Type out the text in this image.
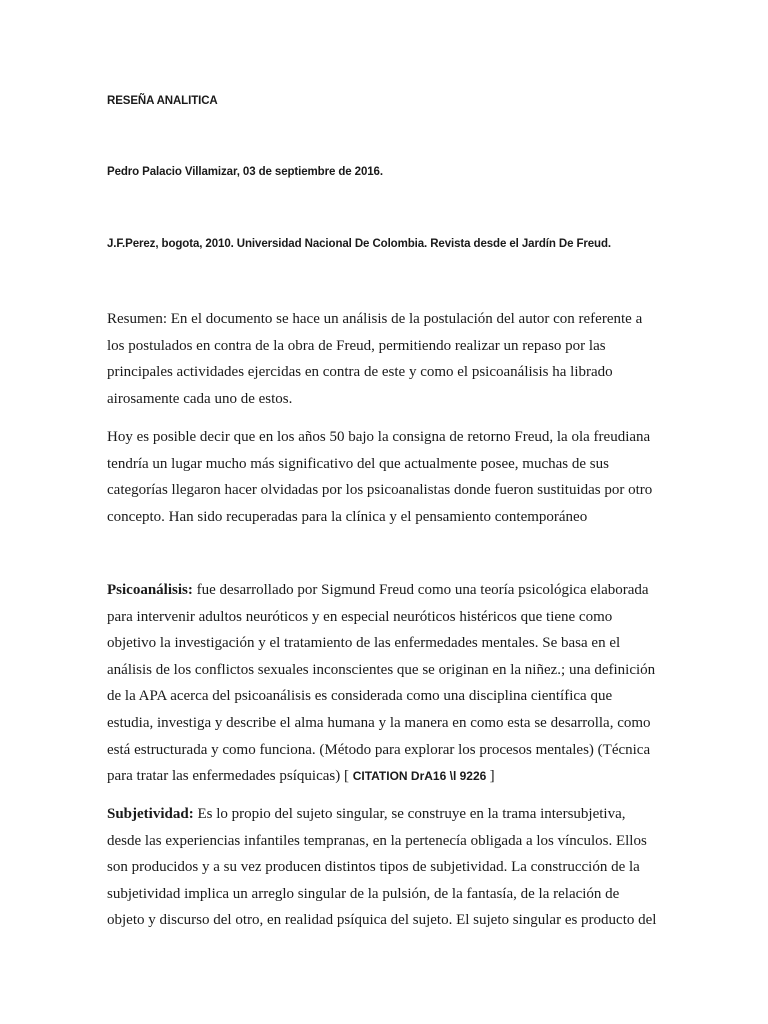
RESEÑA ANALITICA
Pedro Palacio Villamizar, 03 de septiembre de 2016.
J.F.Perez, bogota, 2010. Universidad Nacional De Colombia. Revista desde el Jardín De Freud.
Resumen: En el documento se hace un análisis de la postulación del autor con referente a
los postulados en contra de la obra de Freud, permitiendo realizar un repaso por las
principales actividades ejercidas en contra de este y como el psicoanálisis ha librado
airosamente cada uno de estos.
Hoy es posible decir que en los años 50 bajo la consigna de retorno Freud, la ola freudiana
tendría un lugar mucho más significativo del que actualmente posee, muchas de sus
categorías llegaron hacer olvidadas por los psicoanalistas donde fueron sustituidas por otro
concepto. Han sido recuperadas para la clínica y el pensamiento contemporáneo
Psicoanálisis: fue desarrollado por Sigmund Freud como una teoría psicológica elaborada
para intervenir adultos neuróticos y en especial neuróticos histéricos que tiene como
objetivo la investigación y el tratamiento de las enfermedades mentales. Se basa en el
análisis de los conflictos sexuales inconscientes que se originan en la niñez.; una definición
de la APA acerca del psicoanálisis es considerada como una disciplina científica que
estudia, investiga y describe el alma humana y la manera en como esta se desarrolla, como
está estructurada y como funciona. (Método para explorar los procesos mentales) (Técnica
para tratar las enfermedades psíquicas) [ CITATION DrA16 \l 9226 ]
Subjetividad: Es lo propio del sujeto singular, se construye en la trama intersubjetiva,
desde las experiencias infantiles tempranas, en la pertenecía obligada a los vínculos. Ellos
son producidos y a su vez producen distintos tipos de subjetividad. La construcción de la
subjetividad implica un arreglo singular de la pulsión, de la fantasía, de la relación de
objeto y discurso del otro, en realidad psíquica del sujeto. El sujeto singular es producto del
